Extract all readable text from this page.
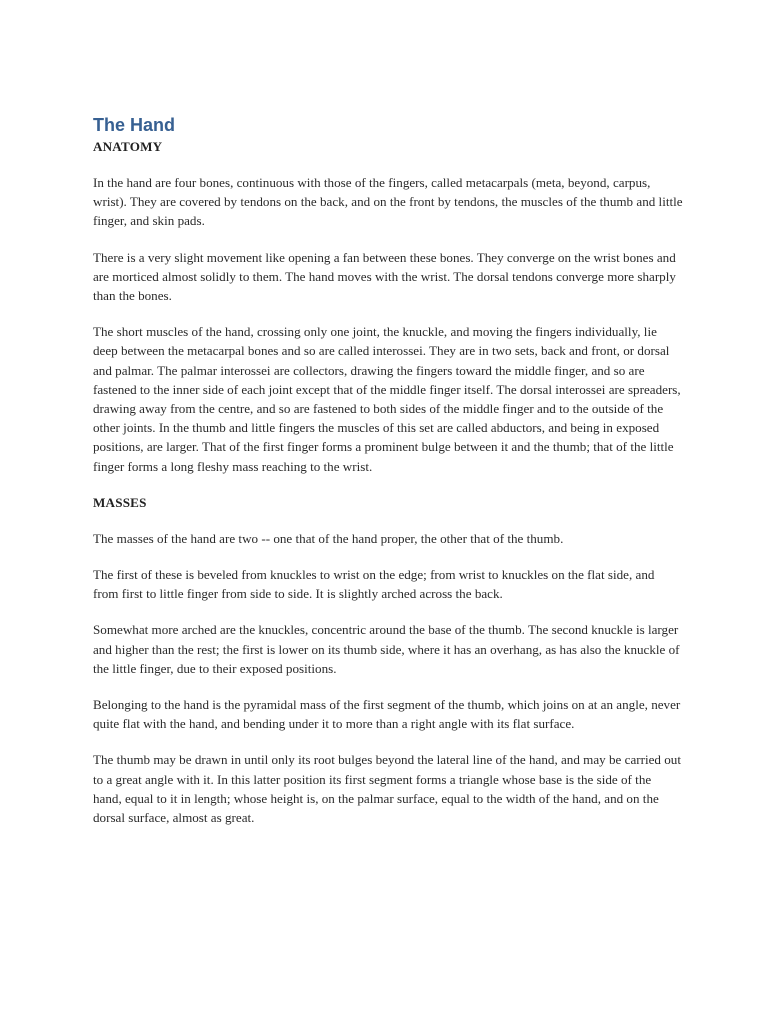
The Hand
ANATOMY

In the hand are four bones, continuous with those of the fingers, called metacarpals (meta, beyond, carpus, wrist). They are covered by tendons on the back, and on the front by tendons, the muscles of the thumb and little finger, and skin pads.

There is a very slight movement like opening a fan between these bones. They converge on the wrist bones and are morticed almost solidly to them. The hand moves with the wrist. The dorsal tendons converge more sharply than the bones.

The short muscles of the hand, crossing only one joint, the knuckle, and moving the fingers individually, lie deep between the metacarpal bones and so are called interossei. They are in two sets, back and front, or dorsal and palmar. The palmar interossei are collectors, drawing the fingers toward the middle finger, and so are fastened to the inner side of each joint except that of the middle finger itself. The dorsal interossei are spreaders, drawing away from the centre, and so are fastened to both sides of the middle finger and to the outside of the other joints. In the thumb and little fingers the muscles of this set are called abductors, and being in exposed positions, are larger. That of the first finger forms a prominent bulge between it and the thumb; that of the little finger forms a long fleshy mass reaching to the wrist.

MASSES

The masses of the hand are two -- one that of the hand proper, the other that of the thumb.

The first of these is beveled from knuckles to wrist on the edge; from wrist to knuckles on the flat side, and from first to little finger from side to side. It is slightly arched across the back.

Somewhat more arched are the knuckles, concentric around the base of the thumb. The second knuckle is larger and higher than the rest; the first is lower on its thumb side, where it has an overhang, as has also the knuckle of the little finger, due to their exposed positions.

Belonging to the hand is the pyramidal mass of the first segment of the thumb, which joins on at an angle, never quite flat with the hand, and bending under it to more than a right angle with its flat surface.

The thumb may be drawn in until only its root bulges beyond the lateral line of the hand, and may be carried out to a great angle with it. In this latter position its first segment forms a triangle whose base is the side of the hand, equal to it in length; whose height is, on the palmar surface, equal to the width of the hand, and on the dorsal surface, almost as great.
